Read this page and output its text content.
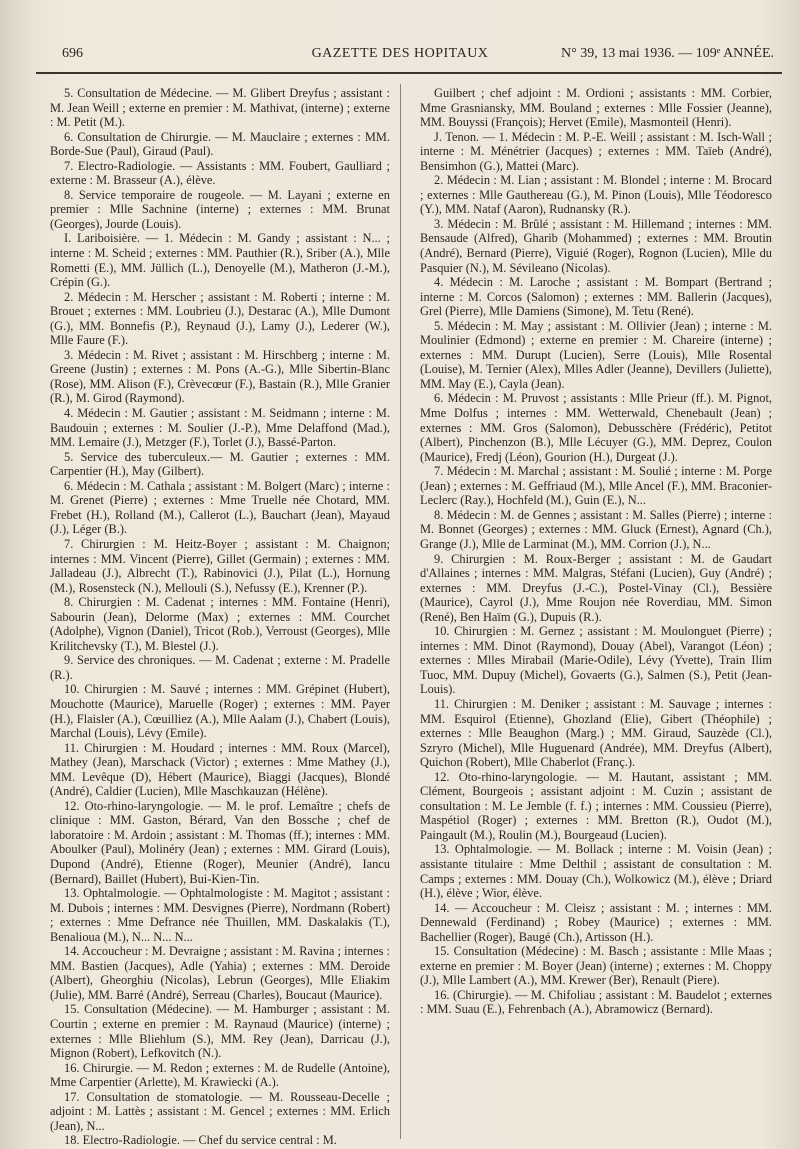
696	GAZETTE DES HOPITAUX	N° 39, 13 mai 1936. — 109ᵉ ANNÉE.

5. Consultation de Médecine. — M. Glibert Dreyfus ; assistant : M. Jean Weill ; externe en premier : M. Mathivat, (interne) ; externe : M. Petit (M.).

6. Consultation de Chirurgie. — M. Mauclaire ; externes : MM. Borde-Sue (Paul), Giraud (Paul).

7. Electro-Radiologie. — Assistants : MM. Foubert, Gaulliard ; externe : M. Brasseur (A.), élève.

8. Service temporaire de rougeole. — M. Layani ; externe en premier : Mlle Sachnine (interne) ; externes : MM. Brunat (Georges), Jourde (Louis).

I. Lariboisière. — 1. Médecin : M. Gandy ; assistant : N... ; interne : M. Scheid ; externes : MM. Pauthier (R.), Sriber (A.), Mlle Rometti (E.), MM. Jüllich (L.), Denoyelle (M.), Matheron (J.-M.), Crépin (G.).

2. Médecin : M. Herscher ; assistant : M. Roberti ; interne : M. Brouet ; externes : MM. Loubrieu (J.), Destarac (A.), Mlle Dumont (G.), MM. Bonnefis (P.), Reynaud (J.), Lamy (J.), Lederer (W.), Mlle Faure (F.).

3. Médecin : M. Rivet ; assistant : M. Hirschberg ; interne : M. Greene (Justin) ; externes : M. Pons (A.-G.), Mlle Sibertin-Blanc (Rose), MM. Alison (F.), Crèvecœur (F.), Bastain (R.), Mlle Granier (R.), M. Girod (Raymond).

4. Médecin : M. Gautier ; assistant : M. Seidmann ; interne : M. Baudouin ; externes : M. Soulier (J.-P.), Mme Delaffond (Mad.), MM. Lemaire (J.), Metzger (F.), Torlet (J.), Bassé-Parton.

5. Service des tuberculeux.— M. Gautier ; externes : MM. Carpentier (H.), May (Gilbert).

6. Médecin : M. Cathala ; assistant : M. Bolgert (Marc) ; interne : M. Grenet (Pierre) ; externes : Mme Truelle née Chotard, MM. Frebet (H.), Rolland (M.), Callerot (L.), Bauchart (Jean), Mayaud (J.), Léger (B.).

7. Chirurgien : M. Heitz-Boyer ; assistant : M. Chaignon; internes : MM. Vincent (Pierre), Gillet (Germain) ; externes : MM. Jalladeau (J.), Albrecht (T.), Rabinovici (J.), Pilat (L.), Hornung (M.), Rosensteck (N.), Mellouli (S.), Nefussy (E.), Krenner (P.).

8. Chirurgien : M. Cadenat ; internes : MM. Fontaine (Henri), Sabourin (Jean), Delorme (Max) ; externes : MM. Courchet (Adolphe), Vignon (Daniel), Tricot (Rob.), Verroust (Georges), Mlle Krilitchevsky (T.), M. Blestel (J.).

9. Service des chroniques. — M. Cadenat ; externe : M. Pradelle (R.).

10. Chirurgien : M. Sauvé ; internes : MM. Grépinet (Hubert), Mouchotte (Maurice), Maruelle (Roger) ; externes : MM. Payer (H.), Flaisler (A.), Cœuilliez (A.), Mlle Aalam (J.), Chabert (Louis), Marchal (Louis), Lévy (Emile).

11. Chirurgien : M. Houdard ; internes : MM. Roux (Marcel), Mathey (Jean), Marschack (Victor) ; externes : Mme Mathey (J.), MM. Levêque (D), Hébert (Maurice), Biaggi (Jacques), Blondé (André), Caldier (Lucien), Mlle Maschkauzan (Hélène).

12. Oto-rhino-laryngologie. — M. le prof. Lemaître ; chefs de clinique : MM. Gaston, Bérard, Van den Bossche ; chef de laboratoire : M. Ardoin ; assistant : M. Thomas (ff.); internes : MM. Aboulker (Paul), Molinéry (Jean) ; externes : MM. Girard (Louis), Dupond (André), Etienne (Roger), Meunier (André), Iancu (Bernard), Baillet (Hubert), Bui-Kien-Tin.

13. Ophtalmologie. — Ophtalmologiste : M. Magitot ; assistant : M. Dubois ; internes : MM. Desvignes (Pierre), Nordmann (Robert) ; externes : Mme Defrance née Thuillen, MM. Daskalakis (T.), Benalioua (M.), N... N... N...

14. Accoucheur : M. Devraigne ; assistant : M. Ravina ; internes : MM. Bastien (Jacques), Adle (Yahia) ; externes : MM. Deroide (Albert), Gheorghiu (Nicolas), Lebrun (Georges), Mlle Eliakim (Julie), MM. Barré (André), Serreau (Charles), Boucaut (Maurice).

15. Consultation (Médecine). — M. Hamburger ; assistant : M. Courtin ; externe en premier : M. Raynaud (Maurice) (interne) ; externes : Mlle Bliehlum (S.), MM. Rey (Jean), Darricau (J.), Mignon (Robert), Lefkovitch (N.).

16. Chirurgie. — M. Redon ; externes : M. de Rudelle (Antoine), Mme Carpentier (Arlette), M. Krawiecki (A.).

17. Consultation de stomatologie. — M. Rousseau-Decelle ; adjoint : M. Lattès ; assistant : M. Gencel ; externes : MM. Erlich (Jean), N...

18. Electro-Radiologie. — Chef du service central : M.

Guilbert ; chef adjoint : M. Ordioni ; assistants : MM. Corbier, Mme Grasniansky, MM. Bouland ; externes : Mlle Fossier (Jeanne), MM. Bouyssi (François); Hervet (Emile), Masmonteil (Henri).

J. Tenon. — 1. Médecin : M. P.-E. Weill ; assistant : M. Isch-Wall ; interne : M. Ménétrier (Jacques) ; externes : MM. Taïeb (André), Bensimhon (G.), Mattei (Marc).

2. Médecin : M. Lian ; assistant : M. Blondel ; interne : M. Brocard ; externes : Mlle Gauthereau (G.), M. Pinon (Louis), Mlle Téodoresco (Y.), MM. Nataf (Aaron), Rudnansky (R.).

3. Médecin : M. Brûlé ; assistant : M. Hillemand ; internes : MM. Bensaude (Alfred), Gharib (Mohammed) ; externes : MM. Broutin (André), Bernard (Pierre), Viguié (Roger), Rognon (Lucien), Mlle du Pasquier (N.), M. Sévileano (Nicolas).

4. Médecin : M. Laroche ; assistant : M. Bompart (Bertrand ; interne : M. Corcos (Salomon) ; externes : MM. Ballerin (Jacques), Grel (Pierre), Mlle Damiens (Simone), M. Tetu (René).

5. Médecin : M. May ; assistant : M. Ollivier (Jean) ; interne : M. Moulinier (Edmond) ; externe en premier : M. Chareire (interne) ; externes : MM. Durupt (Lucien), Serre (Louis), Mlle Rosental (Louise), M. Ternier (Alex), Mlles Adler (Jeanne), Devillers (Juliette), MM. May (E.), Cayla (Jean).

6. Médecin : M. Pruvost ; assistants : Mlle Prieur (ff.). M. Pignot, Mme Dolfus ; internes : MM. Wetterwald, Chenebault (Jean) ; externes : MM. Gros (Salomon), Debusschère (Frédéric), Petitot (Albert), Pinchenzon (B.), Mlle Lécuyer (G.), MM. Deprez, Coulon (Maurice), Fredj (Léon), Gourion (H.), Durgeat (J.).

7. Médecin : M. Marchal ; assistant : M. Soulié ; interne : M. Porge (Jean) ; externes : M. Geffriaud (M.), Mlle Ancel (F.), MM. Braconier-Leclerc (Ray.), Hochfeld (M.), Guin (E.), N...

8. Médecin : M. de Gennes ; assistant : M. Salles (Pierre) ; interne : M. Bonnet (Georges) ; externes : MM. Gluck (Ernest), Agnard (Ch.), Grange (J.), Mlle de Larminat (M.), MM. Corrion (J.), N...

9. Chirurgien : M. Roux-Berger ; assistant : M. de Gaudart d'Allaines ; internes : MM. Malgras, Stéfani (Lucien), Guy (André) ; externes : MM. Dreyfus (J.-C.), Postel-Vinay (Cl.), Bessière (Maurice), Cayrol (J.), Mme Roujon née Roverdiau, MM. Simon (René), Ben Haïm (G.), Dupuis (R.).

10. Chirurgien : M. Gernez ; assistant : M. Moulonguet (Pierre) ; internes : MM. Dinot (Raymond), Douay (Abel), Varangot (Léon) ; externes : Mlles Mirabail (Marie-Odile), Lévy (Yvette), Train Ilim Tuoc, MM. Dupuy (Michel), Govaerts (G.), Salmen (S.), Petit (Jean-Louis).

11. Chirurgien : M. Deniker ; assistant : M. Sauvage ; internes : MM. Esquirol (Etienne), Ghozland (Elie), Gibert (Théophile) ; externes : Mlle Beaughon (Marg.) ; MM. Giraud, Sauzède (Cl.), Szryro (Michel), Mlle Huguenard (Andrée), MM. Dreyfus (Albert), Quichon (Robert), Mlle Chaberlot (Franç.).

12. Oto-rhino-laryngologie. — M. Hautant, assistant ; MM. Clément, Bourgeois ; assistant adjoint : M. Cuzin ; assistant de consultation : M. Le Jemble (f. f.) ; internes : MM. Coussieu (Pierre), Maspétiol (Roger) ; externes : MM. Bretton (R.), Oudot (M.), Paingault (M.), Roulin (M.), Bourgeaud (Lucien).

13. Ophtalmologie. — M. Bollack ; interne : M. Voisin (Jean) ; assistante titulaire : Mme Delthil ; assistant de consultation : M. Camps ; externes : MM. Douay (Ch.), Wolkowicz (M.), élève ; Driard (H.), élève ; Wior, élève.

14. — Accoucheur : M. Cleisz ; assistant : M. ; internes : MM. Dennewald (Ferdinand) ; Robey (Maurice) ; externes : MM. Bachellier (Roger), Baugé (Ch.), Artisson (H.).

15. Consultation (Médecine) : M. Basch ; assistante : Mlle Maas ; externe en premier : M. Boyer (Jean) (interne) ; externes : M. Choppy (J.), Mlle Lambert (A.), MM. Krewer (Ber), Renault (Piere).

16. (Chirurgie). — M. Chifoliau ; assistant : M. Baudelot ; externes : MM. Suau (E.), Fehrenbach (A.), Abramowicz (Bernard).
